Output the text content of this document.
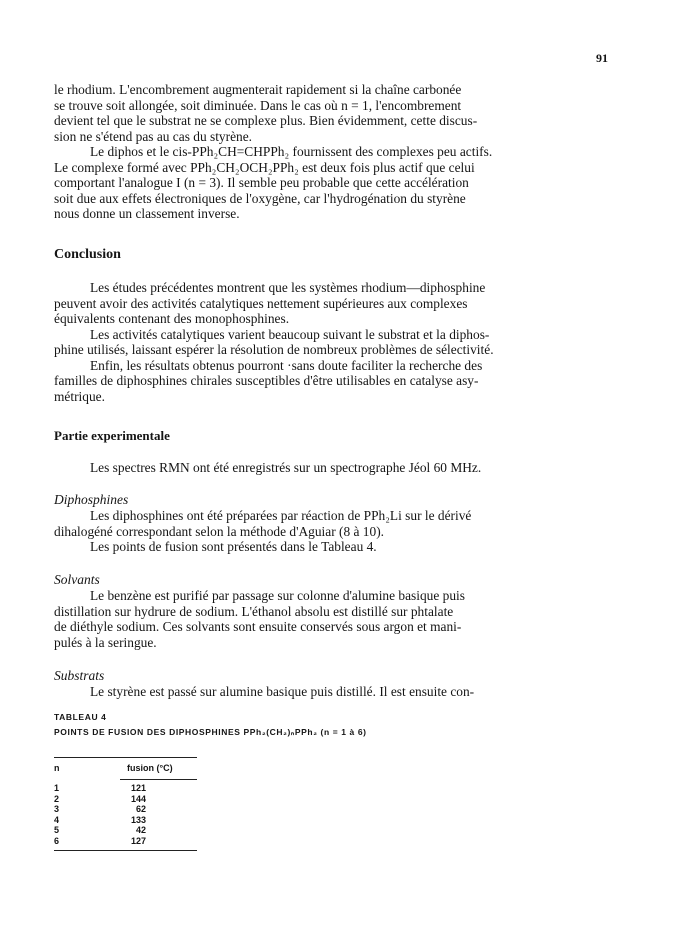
91
le rhodium. L'encombrement augmenterait rapidement si la chaîne carbonée
se trouve soit allongée, soit diminuée. Dans le cas où n = 1, l'encombrement
devient tel que le substrat ne se complexe plus. Bien évidemment, cette discus-
sion ne s'étend pas au cas du styrène.
Le diphos et le cis-PPh₂CH=CHPPh₂ fournissent des complexes peu actifs.
Le complexe formé avec PPh₂CH₂OCH₂PPh₂ est deux fois plus actif que celui
comportant l'analogue I (n = 3). Il semble peu probable que cette accélération
soit due aux effets électroniques de l'oxygène, car l'hydrogénation du styrène
nous donne un classement inverse.
Conclusion
Les études précédentes montrent que les systèmes rhodium—diphosphine
peuvent avoir des activités catalytiques nettement supérieures aux complexes
équivalents contenant des monophosphines.
Les activités catalytiques varient beaucoup suivant le substrat et la diphos-
phine utilisés, laissant espérer la résolution de nombreux problèmes de sélectivité.
Enfin, les résultats obtenus pourront ·sans doute faciliter la recherche des
familles de diphosphines chirales susceptibles d'être utilisables en catalyse asy-
métrique.
Partie experimentale
Les spectres RMN ont été enregistrés sur un spectrographe Jéol 60 MHz.
Diphosphines
Les diphosphines ont été préparées par réaction de PPh₂Li sur le dérivé
dihalogéné correspondant selon la méthode d'Aguiar (8 à 10).
Les points de fusion sont présentés dans le Tableau 4.
Solvants
Le benzène est purifié par passage sur colonne d'alumine basique puis
distillation sur hydrure de sodium. L'éthanol absolu est distillé sur phtalate
de diéthyle sodium. Ces solvants sont ensuite conservés sous argon et mani-
pulés à la seringue.
Substrats
Le styrène est passé sur alumine basique puis distillé. Il est ensuite con-
TABLEAU 4
POINTS DE FUSION DES DIPHOSPHINES PPh₂(CH₂)ₙPPh₂ (n = 1 à 6)
n	fusion (°C)
1	121
2	144
3	62
4	133
5	42
6	127
